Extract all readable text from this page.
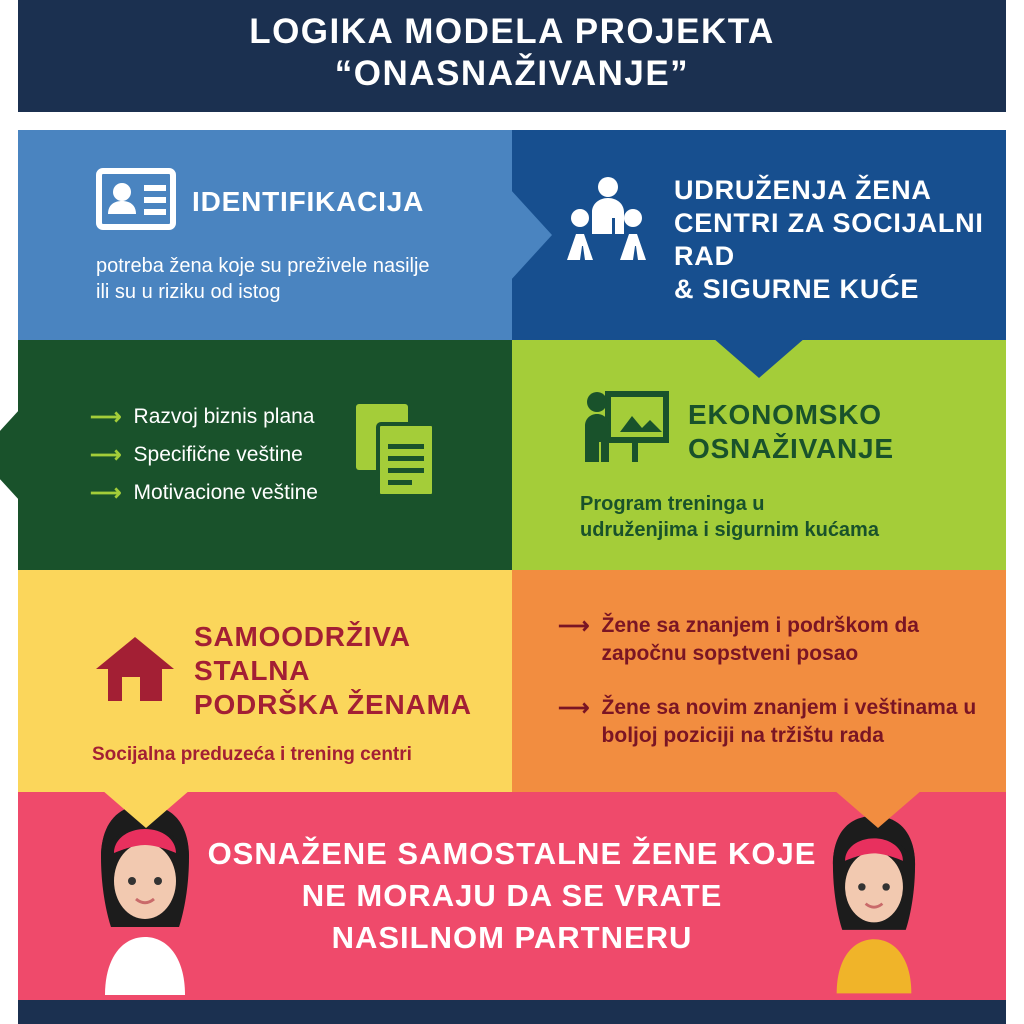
LOGIKA MODELA PROJEKTA
“ONASNAŽIVANJE”
IDENTIFIKACIJA
potreba žena koje su preživele nasilje ili su u riziku od istog
UDRUŽENJA ŽENA
CENTRI ZA SOCIJALNI RAD
& SIGURNE KUĆE
⟶ Razvoj biznis plana
⟶ Specifične veštine
⟶ Motivacione veštine
EKONOMSKO
OSNAŽIVANJE
Program treninga u
udruženjima i sigurnim kućama
SAMOODRŽIVA STALNA
PODRŠKA ŽENAMA
Socijalna preduzeća i trening centri
⟶ Žene sa znanjem i podrškom da započnu sopstveni posao
⟶ Žene sa novim znanjem i veštinama u boljoj poziciji na tržištu rada
OSNAŽENE SAMOSTALNE ŽENE KOJE
NE MORAJU DA SE VRATE
NASILNOM PARTNERU
